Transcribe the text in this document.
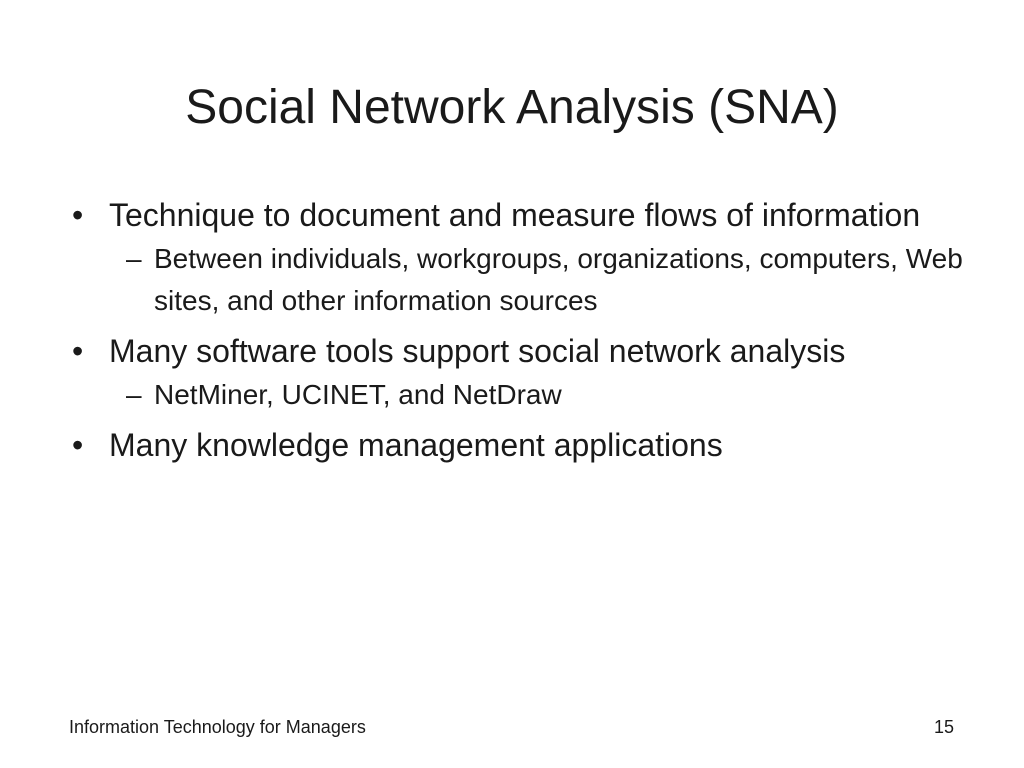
Social Network Analysis (SNA)

• Technique to document and measure flows of information

– Between individuals, workgroups, organizations, computers, Web sites, and other information sources

• Many software tools support social network analysis

– NetMiner, UCINET, and NetDraw

• Many knowledge management applications

Information Technology for Managers	15
